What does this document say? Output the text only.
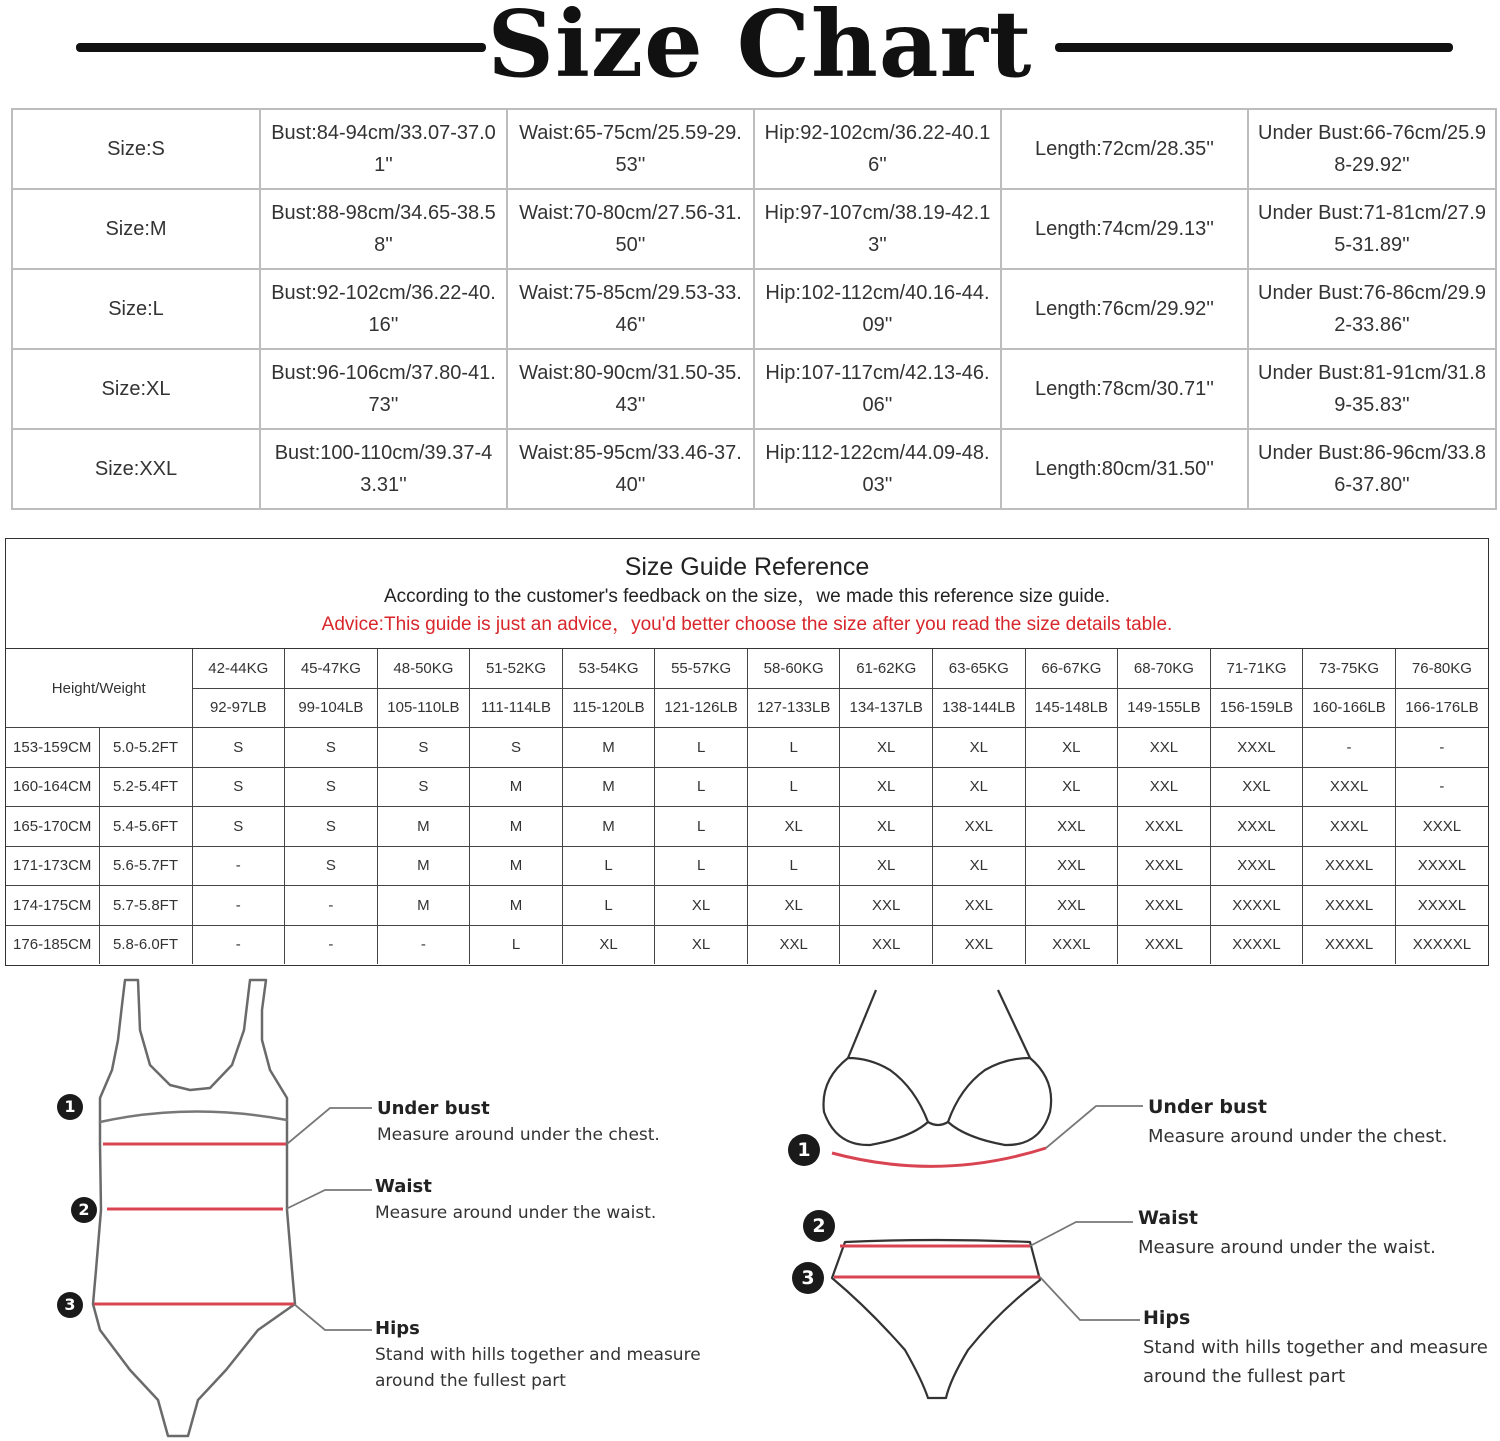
Size Chart
Size:S	Bust:84-94cm/33.07-37.01''	Waist:65-75cm/25.59-29.53''	Hip:92-102cm/36.22-40.16''	Length:72cm/28.35''	Under Bust:66-76cm/25.98-29.92''
Size:M	Bust:88-98cm/34.65-38.58''	Waist:70-80cm/27.56-31.50''	Hip:97-107cm/38.19-42.13''	Length:74cm/29.13''	Under Bust:71-81cm/27.95-31.89''
Size:L	Bust:92-102cm/36.22-40.16''	Waist:75-85cm/29.53-33.46''	Hip:102-112cm/40.16-44.09''	Length:76cm/29.92''	Under Bust:76-86cm/29.92-33.86''
Size:XL	Bust:96-106cm/37.80-41.73''	Waist:80-90cm/31.50-35.43''	Hip:107-117cm/42.13-46.06''	Length:78cm/30.71''	Under Bust:81-91cm/31.89-35.83''
Size:XXL	Bust:100-110cm/39.37-43.31''	Waist:85-95cm/33.46-37.40''	Hip:112-122cm/44.09-48.03''	Length:80cm/31.50''	Under Bust:86-96cm/33.86-37.80''
Size Guide Reference
According to the customer's feedback on the size，we made this reference size guide.
Advice:This guide is just an advice，you'd better choose the size after you read the size details table.
Height/Weight		42-44KG	45-47KG	48-50KG	51-52KG	53-54KG	55-57KG	58-60KG	61-62KG	63-65KG	66-67KG	68-70KG	71-71KG	73-75KG	76-80KG
		92-97LB	99-104LB	105-110LB	111-114LB	115-120LB	121-126LB	127-133LB	134-137LB	138-144LB	145-148LB	149-155LB	156-159LB	160-166LB	166-176LB
153-159CM	5.0-5.2FT	S	S	S	S	M	L	L	XL	XL	XL	XXL	XXXL	-	-
160-164CM	5.2-5.4FT	S	S	S	M	M	L	L	XL	XL	XL	XXL	XXL	XXXL	-
165-170CM	5.4-5.6FT	S	S	M	M	M	L	XL	XL	XXL	XXL	XXXL	XXXL	XXXL	XXXL
171-173CM	5.6-5.7FT	-	S	M	M	L	L	L	XL	XL	XXL	XXXL	XXXL	XXXXL	XXXXL
174-175CM	5.7-5.8FT	-	-	M	M	L	XL	XL	XXL	XXL	XXL	XXXL	XXXXL	XXXXL	XXXXL
176-185CM	5.8-6.0FT	-	-	-	L	XL	XL	XXL	XXL	XXL	XXXL	XXXL	XXXXL	XXXXL	XXXXXL
1
2
3
Under bust
Measure around under the chest.
Waist
Measure around under the waist.
Hips
Stand with hills together and measure
around the fullest part
1
2
3
Under bust
Measure around under the chest.
Waist
Measure around under the waist.
Hips
Stand with hills together and measure
around the fullest part
